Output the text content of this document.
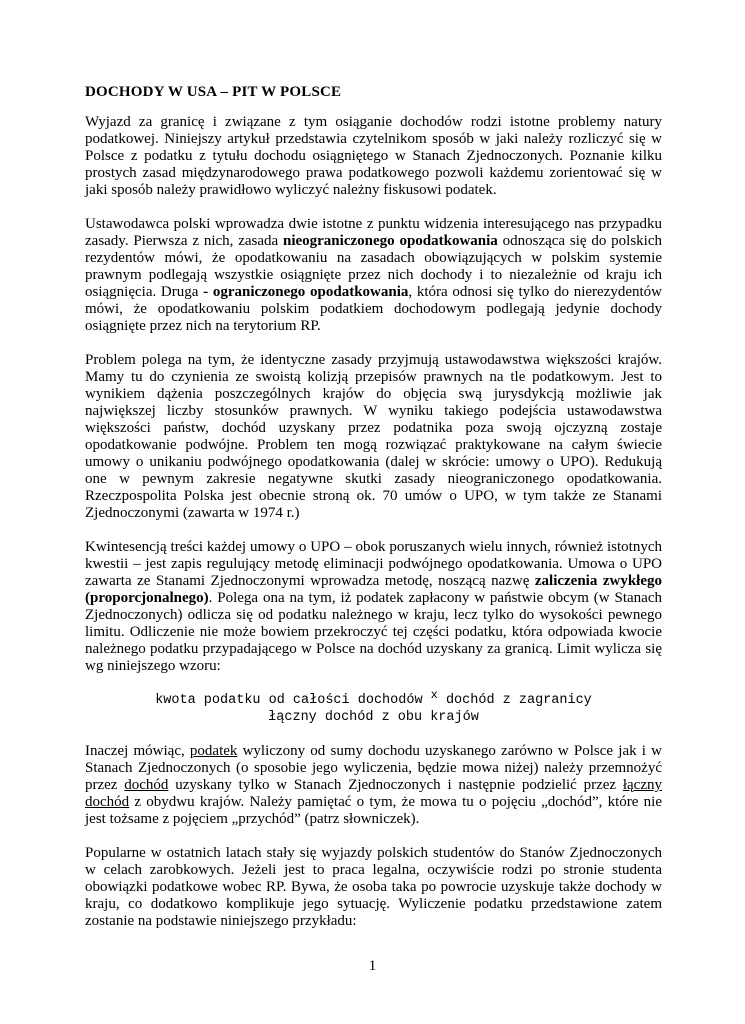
DOCHODY W USA – PIT W POLSCE

Wyjazd za granicę i związane z tym osiąganie dochodów rodzi istotne problemy natury podatkowej. Niniejszy artykuł przedstawia czytelnikom sposób w jaki należy rozliczyć się w Polsce z podatku z tytułu dochodu osiągniętego w Stanach Zjednoczonych. Poznanie kilku prostych zasad międzynarodowego prawa podatkowego pozwoli każdemu zorientować się w jaki sposób należy prawidłowo wyliczyć należny fiskusowi podatek.

Ustawodawca polski wprowadza dwie istotne z punktu widzenia interesującego nas przypadku zasady. Pierwsza z nich, zasada nieograniczonego opodatkowania odnosząca się do polskich rezydentów mówi, że opodatkowaniu na zasadach obowiązujących w polskim systemie prawnym podlegają wszystkie osiągnięte przez nich dochody i to niezależnie od kraju ich osiągnięcia. Druga - ograniczonego opodatkowania, która odnosi się tylko do nierezydentów mówi, że opodatkowaniu polskim podatkiem dochodowym podlegają jedynie dochody osiągnięte przez nich na terytorium RP.

Problem polega na tym, że identyczne zasady przyjmują ustawodawstwa większości krajów. Mamy tu do czynienia ze swoistą kolizją przepisów prawnych na tle podatkowym. Jest to wynikiem dążenia poszczególnych krajów do objęcia swą jurysdykcją możliwie jak największej liczby stosunków prawnych. W wyniku takiego podejścia ustawodawstwa większości państw, dochód uzyskany przez podatnika poza swoją ojczyzną zostaje opodatkowanie podwójne. Problem ten mogą rozwiązać praktykowane na całym świecie umowy o unikaniu podwójnego opodatkowania (dalej w skrócie: umowy o UPO). Redukują one w pewnym zakresie negatywne skutki zasady nieograniczonego opodatkowania. Rzeczpospolita Polska jest obecnie stroną ok. 70 umów o UPO, w tym także ze Stanami Zjednoczonymi (zawarta w 1974 r.)

Kwintesencją treści każdej umowy o UPO – obok poruszanych wielu innych, również istotnych kwestii – jest zapis regulujący metodę eliminacji podwójnego opodatkowania. Umowa o UPO zawarta ze Stanami Zjednoczonymi wprowadza metodę, noszącą nazwę zaliczenia zwykłego (proporcjonalnego). Polega ona na tym, iż podatek zapłacony w państwie obcym (w Stanach Zjednoczonych) odlicza się od podatku należnego w kraju, lecz tylko do wysokości pewnego limitu. Odliczenie nie może bowiem przekroczyć tej części podatku, która odpowiada kwocie należnego podatku przypadającego w Polsce na dochód uzyskany za granicą. Limit wylicza się wg niniejszego wzoru:

kwota podatku od całości dochodów x dochód z zagranicy
łączny dochód z obu krajów

Inaczej mówiąc, podatek wyliczony od sumy dochodu uzyskanego zarówno w Polsce jak i w Stanach Zjednoczonych (o sposobie jego wyliczenia, będzie mowa niżej) należy przemnożyć przez dochód uzyskany tylko w Stanach Zjednoczonych i następnie podzielić przez łączny dochód z obydwu krajów. Należy pamiętać o tym, że mowa tu o pojęciu „dochód”, które nie jest tożsame z pojęciem „przychód” (patrz słowniczek).

Popularne w ostatnich latach stały się wyjazdy polskich studentów do Stanów Zjednoczonych w celach zarobkowych. Jeżeli jest to praca legalna, oczywiście rodzi po stronie studenta obowiązki podatkowe wobec RP. Bywa, że osoba taka po powrocie uzyskuje także dochody w kraju, co dodatkowo komplikuje jego sytuację. Wyliczenie podatku przedstawione zatem zostanie na podstawie niniejszego przykładu:

1
